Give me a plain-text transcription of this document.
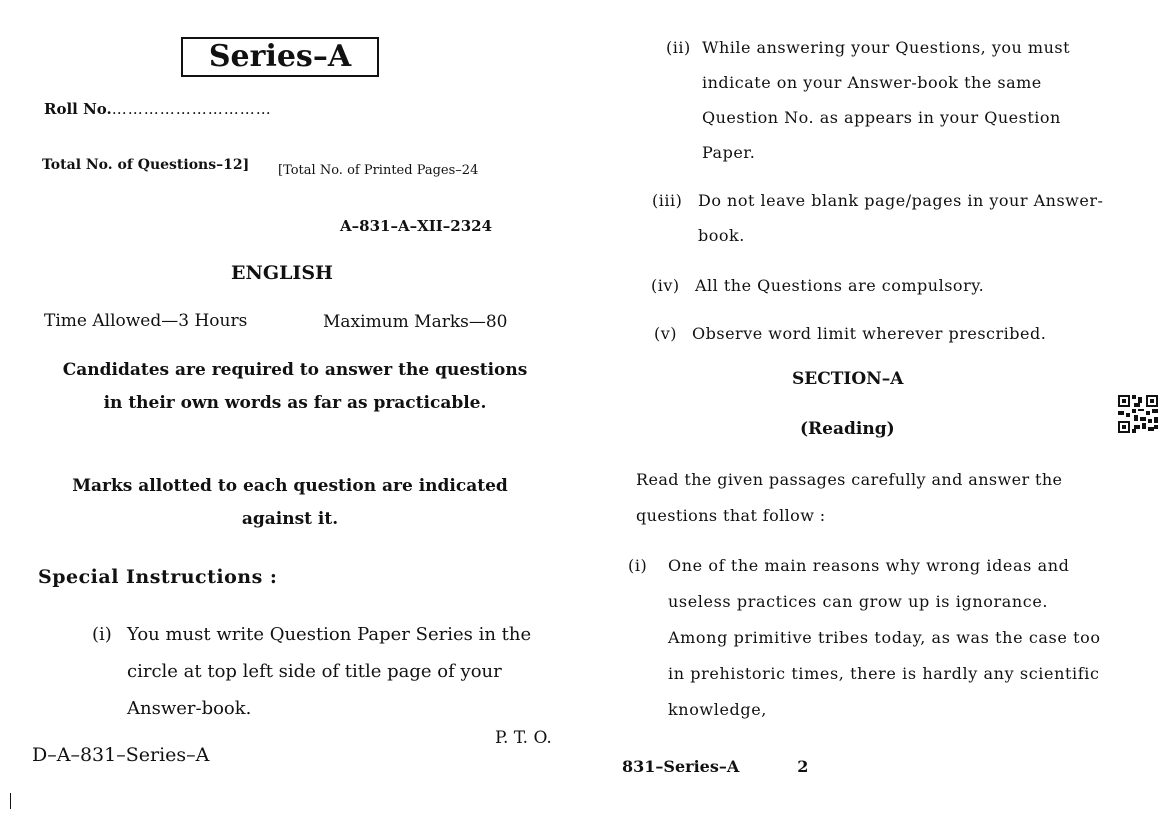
Series–A
Roll No.…………………………
Total No. of Questions–12] [Total No. of Printed Pages–24
A–831–A–XII–2324
ENGLISH
Time Allowed—3 Hours	Maximum Marks—80
Candidates are required to answer the questions in their own words as far as practicable.
Marks allotted to each question are indicated against it.
Special Instructions :
(i) You must write Question Paper Series in the circle at top left side of title page of your Answer-book.
P. T. O.
D–A–831–Series–A
(ii) While answering your Questions, you must indicate on your Answer-book the same Question No. as appears in your Question Paper.
(iii) Do not leave blank page/pages in your Answer-book.
(iv) All the Questions are compulsory.
(v) Observe word limit wherever prescribed.
SECTION–A
(Reading)
Read the given passages carefully and answer the questions that follow :
(i) One of the main reasons why wrong ideas and useless practices can grow up is ignorance. Among primitive tribes today, as was the case too in prehistoric times, there is hardly any scientific knowledge,
831–Series–A	2
